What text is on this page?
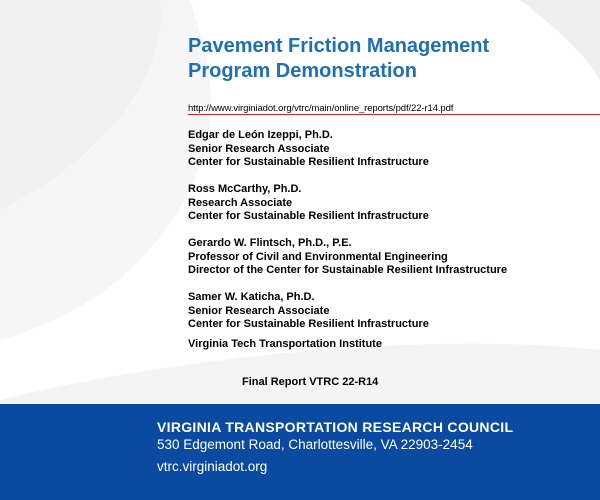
Pavement Friction Management
Program Demonstration
http://www.virginiadot.org/vtrc/main/online_reports/pdf/22-r14.pdf
Edgar de León Izeppi, Ph.D.
Senior Research Associate
Center for Sustainable Resilient Infrastructure
Ross McCarthy, Ph.D.
Research Associate
Center for Sustainable Resilient Infrastructure
Gerardo W. Flintsch, Ph.D., P.E.
Professor of Civil and Environmental Engineering
Director of the Center for Sustainable Resilient Infrastructure
Samer W. Katicha, Ph.D.
Senior Research Associate
Center for Sustainable Resilient Infrastructure
Virginia Tech Transportation Institute
Final Report VTRC 22-R14
VIRGINIA TRANSPORTATION RESEARCH COUNCIL
530 Edgemont Road, Charlottesville, VA 22903-2454
vtrc.virginiadot.org
